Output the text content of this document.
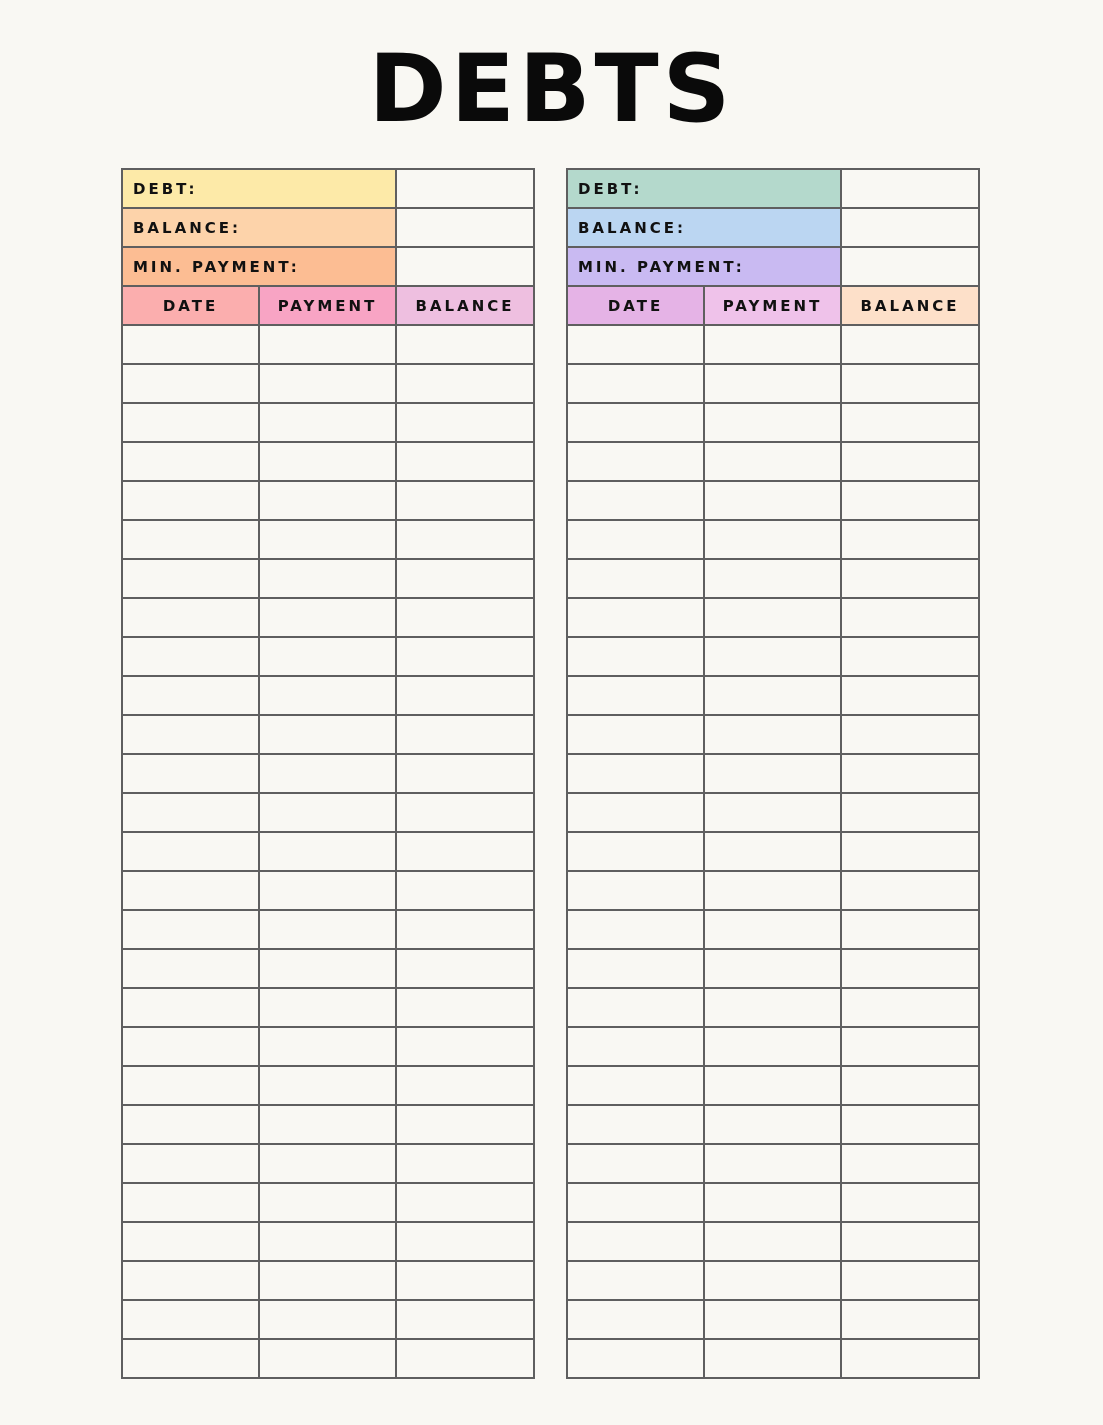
DEBTS
DEBT:		
BALANCE:		
MIN. PAYMENT:		
DATE	PAYMENT	BALANCE

DEBT:		
BALANCE:		
MIN. PAYMENT:		
DATE	PAYMENT	BALANCE
